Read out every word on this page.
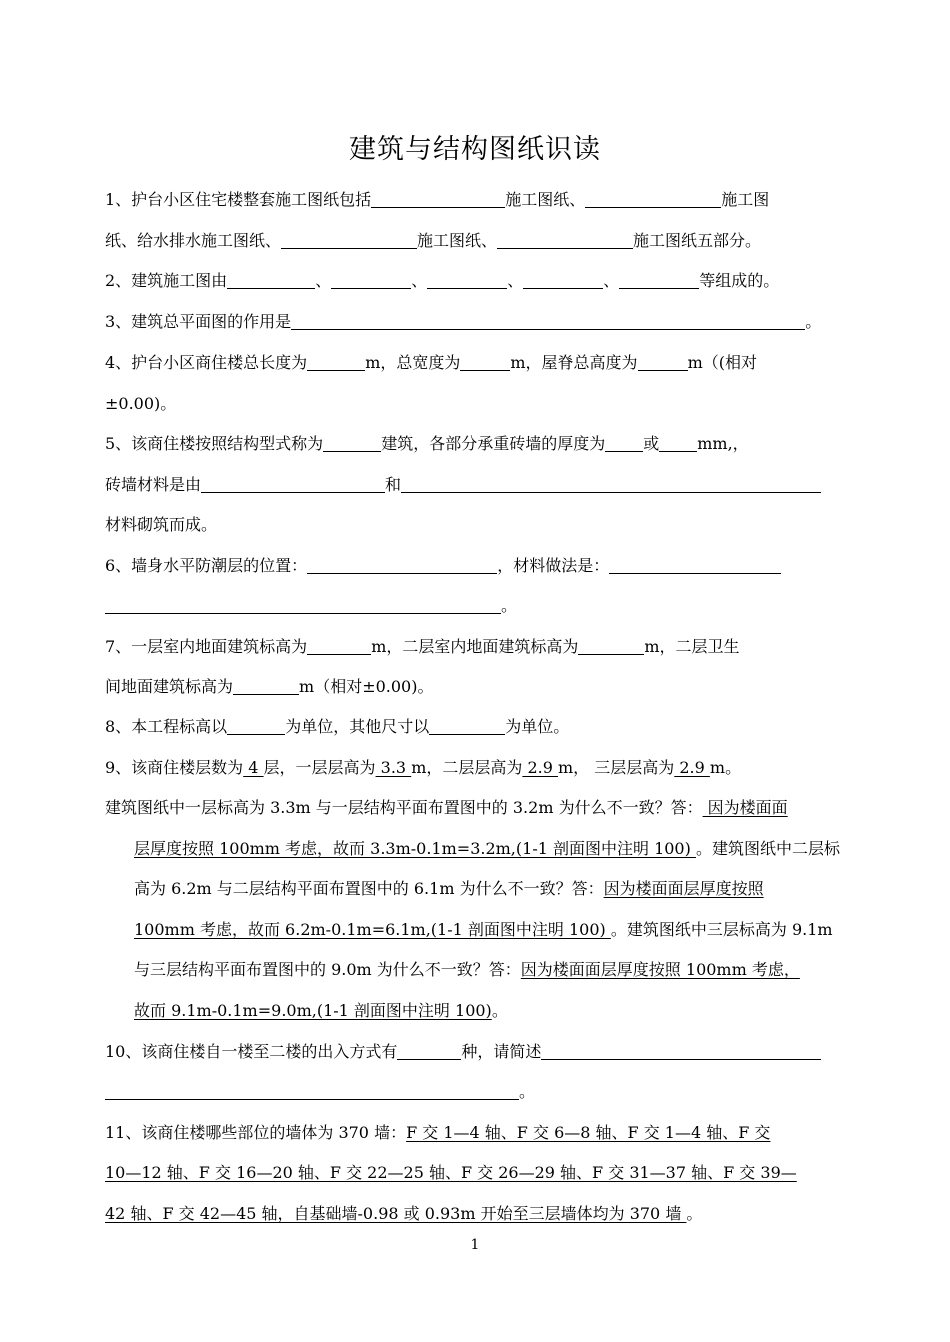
建筑与结构图纸识读
1、护台小区住宅楼整套施工图纸包括	施工图纸、	施工图
纸、给水排水施工图纸、	施工图纸、	施工图纸五部分。
2、建筑施工图由	、	、	、	、	等组成的。
3、建筑总平面图的作用是	。
4、护台小区商住楼总长度为	m，总宽度为	m，屋脊总高度为	m（(相对
±0.00)。
5、该商住楼按照结构型式称为	建筑，各部分承重砖墙的厚度为 或 mm,，
砖墙材料是由	和
材料砌筑而成。
6、墙身水平防潮层的位置：	，材料做法是：
。
7、一层室内地面建筑标高为	m，二层室内地面建筑标高为	m，二层卫生
间地面建筑标高为	m（相对±0.00)。
8、本工程标高以	为单位，其他尺寸以	为单位。
9、该商住楼层数为 4 层，一层层高为 3.3 m，二层层高为 2.9 m， 三层层高为 2.9 m。
建筑图纸中一层标高为 3.3m 与一层结构平面布置图中的 3.2m 为什么不一致？答： 因为楼面面
层厚度按照 100mm 考虑，故而 3.3m-0.1m=3.2m,(1-1 剖面图中注明 100) 。建筑图纸中二层标
高为 6.2m 与二层结构平面布置图中的 6.1m 为什么不一致？答：因为楼面面层厚度按照
100mm 考虑，故而 6.2m-0.1m=6.1m,(1-1 剖面图中注明 100) 。建筑图纸中三层标高为 9.1m
与三层结构平面布置图中的 9.0m 为什么不一致？答：因为楼面面层厚度按照 100mm 考虑，
故而 9.1m-0.1m=9.0m,(1-1 剖面图中注明 100)。
10、该商住楼自一楼至二楼的出入方式有	种，请简述
。
11、该商住楼哪些部位的墙体为 370 墙：F 交 1—4 轴、F 交 6—8 轴、F 交 1—4 轴、F 交
10—12 轴、F 交 16—20 轴、F 交 22—25 轴、F 交 26—29 轴、F 交 31—37 轴、F 交 39—
42 轴、F 交 42—45 轴，自基础墙-0.98 或 0.93m 开始至三层墙体均为 370 墙 。
1
